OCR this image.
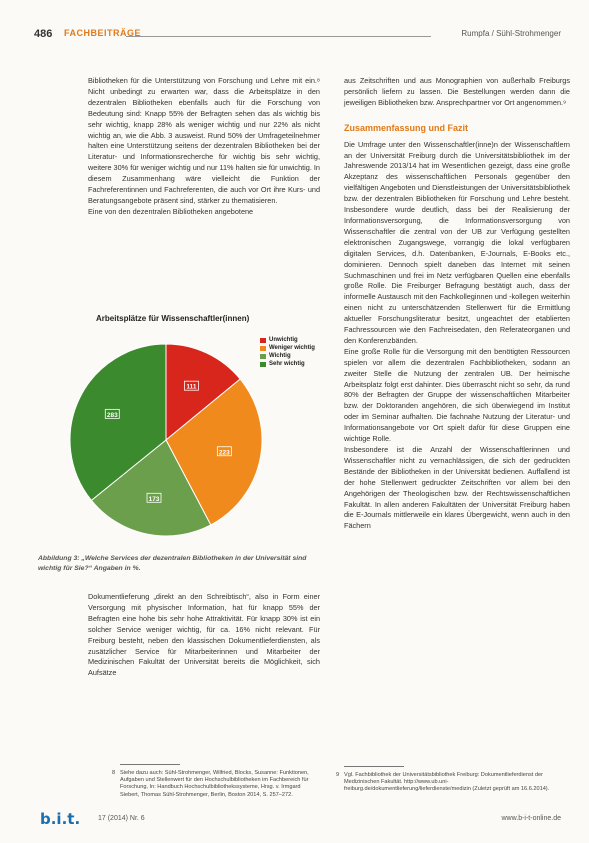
486 FACHBEITRÄGE	Rumpfa / Sühl-Strohmenger

Bibliotheken für die Unterstützung von Forschung und Lehre mit ein.⁸ Nicht unbedingt zu erwarten war, dass die Arbeitsplätze in den dezentralen Bibliotheken ebenfalls auch für die Forschung von Bedeutung sind: Knapp 55% der Befragten sehen das als wichtig bis sehr wichtig, knapp 28% als weniger wichtig und nur 22% als nicht wichtig an, wie die Abb. 3 ausweist. Rund 50% der Umfrageteilnehmer halten eine Unterstützung seitens der dezentralen Bibliotheken bei der Literatur- und Informationsrecherche für wichtig bis sehr wichtig, weitere 30% für weniger wichtig und nur 11% halten sie für unwichtig. In diesem Zusammenhang wäre vielleicht die Funktion der Fachreferentinnen und Fachreferenten, die auch vor Ort ihre Kurs- und Beratungsangebote präsent sind, stärker zu thematisieren.

Eine von den dezentralen Bibliotheken angebotene

Arbeitsplätze für Wissenschaftler(innen)
111
223
173
283
Unwichtig
Weniger wichtig
Wichtig
Sehr wichtig
Abbildung 3: „Welche Services der dezentralen Bibliotheken in der Universität sind wichtig für Sie?“ Angaben in %.

Dokumentlieferung „direkt an den Schreibtisch“, also in Form einer Versorgung mit physischer Information, hat für knapp 55% der Befragten eine hohe bis sehr hohe Attraktivität. Für knapp 30% ist ein solcher Service weniger wichtig, für ca. 16% nicht relevant. Für Freiburg besteht, neben den klassischen Dokumentlieferdiensten, als zusätzlicher Service für Mitarbeiterinnen und Mitarbeiter der Medizinischen Fakultät der Universität bereits die Möglichkeit, sich Aufsätze

aus Zeitschriften und aus Monographien von außerhalb Freiburgs persönlich liefern zu lassen. Die Bestellungen werden dann die jeweiligen Bibliotheken bzw. Ansprechpartner vor Ort angenommen.⁹

Zusammenfassung und Fazit

Die Umfrage unter den Wissenschaftler(inne)n der Wissenschaftlern an der Universität Freiburg durch die Universitätsbibliothek im der Jahreswende 2013/14 hat im Wesentlichen gezeigt, dass eine große Akzeptanz des wissenschaftlichen Personals gegenüber den vielfältigen Angeboten und Dienstleistungen der Universitätsbibliothek bzw. der dezentralen Bibliotheken für Forschung und Lehre besteht. Insbesondere wurde deutlich, dass bei der Realisierung der Informationsversorgung, die Informationsversorgung von Wissenschaftler die zentral von der UB zur Verfügung gestellten elektronischen Zugangswege, vorrangig die lokal verfügbaren digitalen Services, d.h. Datenbanken, E-Journals, E-Books etc., dominieren. Dennoch spielt daneben das Internet mit seinen Suchmaschinen und frei im Netz verfügbaren Quellen eine ebenfalls große Rolle. Die Freiburger Befragung bestätigt auch, dass der informelle Austausch mit den Fachkolleginnen und -kollegen weiterhin einen nicht zu unterschätzenden Stellenwert für die Ermittlung aktueller Forschungsliteratur besitzt, ungeachtet der etablierten Fachressourcen wie den Fachreisedaten, den Referateorganen und den Konferenzbänden.

Eine große Rolle für die Versorgung mit den benötigten Ressourcen spielen vor allem die dezentralen Fachbibliotheken, sodann an zweiter Stelle die Nutzung der zentralen UB. Der heimische Arbeitsplatz folgt erst dahinter. Dies überrascht nicht so sehr, da rund 80% der Befragten der Gruppe der wissenschaftlichen Mitarbeiter bzw. der Doktoranden angehören, die sich überwiegend im Institut oder im Seminar aufhalten. Die fachnahe Nutzung der Literatur- und Informationsangebote vor Ort spielt dafür für diese Gruppen eine wichtige Rolle.

Insbesondere ist die Anzahl der Wissenschaftlerinnen und Wissenschaftler nicht zu vernachlässigen, die sich der gedruckten Bestände der Bibliotheken in der Universität bedienen. Auffallend ist der hohe Stellenwert gedruckter Zeitschriften vor allem bei den Angehörigen der Theologischen bzw. der Rechtswissenschaftlichen Fakultät. In allen anderen Fakultäten der Universität Freiburg haben die E-Journals mittlerweile ein klares Übergewicht, wenn auch in den Fächern

8 Siehe dazu auch: Sühl-Strohmenger, Wilfried, Blocks, Susanne: Funktionen, Aufgaben und Stellenwert für den Hochschulbibliotheken im Fachbereich für Forschung, In: Handbuch Hochschulbibliothekssysteme, Hrsg. v. Irmgard Siebert, Thomas Sühl-Strohmenger, Berlin, Boston 2014, S. 257–272.
9 Vgl. Fachbibliothek der Universitätsbibliothek Freiburg: Dokumentlieferdienst der Medizinischen Fakultät. http://www.ub.uni-freiburg.de/dokumentlieferung/lieferdienste/medizin (Zuletzt geprüft am 16.6.2014).
b.i.t.	17 (2014) Nr. 6	www.b-i-t-online.de
